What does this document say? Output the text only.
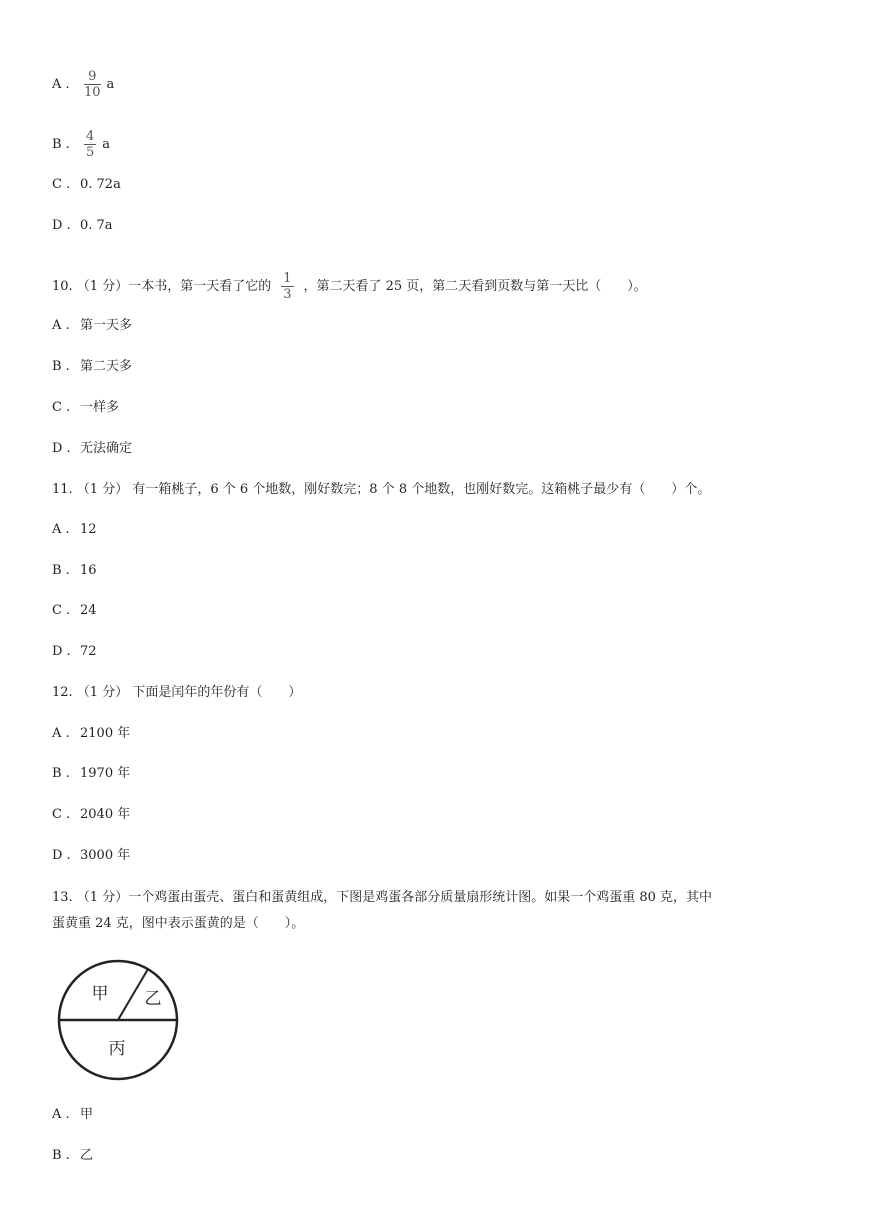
A . $\frac{9}{10}$ a
B . $\frac{4}{5}$ a
C . 0. 72a
D . 0. 7a
10. （1 分）一本书，第一天看了它的 $\frac{1}{3}$ ，第二天看了 25 页，第二天看到页数与第一天比（　　）。
A . 第一天多
B . 第二天多
C . 一样多
D . 无法确定
11. （1 分） 有一箱桃子，6 个 6 个地数，刚好数完；8 个 8 个地数，也刚好数完。这箱桃子最少有（　　）个。
A . 12
B . 16
C . 24
D . 72
12. （1 分） 下面是闰年的年份有（　　）
A . 2100 年
B . 1970 年
C . 2040 年
D . 3000 年
13. （1 分）一个鸡蛋由蛋壳、蛋白和蛋黄组成，下图是鸡蛋各部分质量扇形统计图。如果一个鸡蛋重 80 克，其中
蛋黄重 24 克，图中表示蛋黄的是（　　）。
甲 乙
丙
A . 甲
B . 乙
